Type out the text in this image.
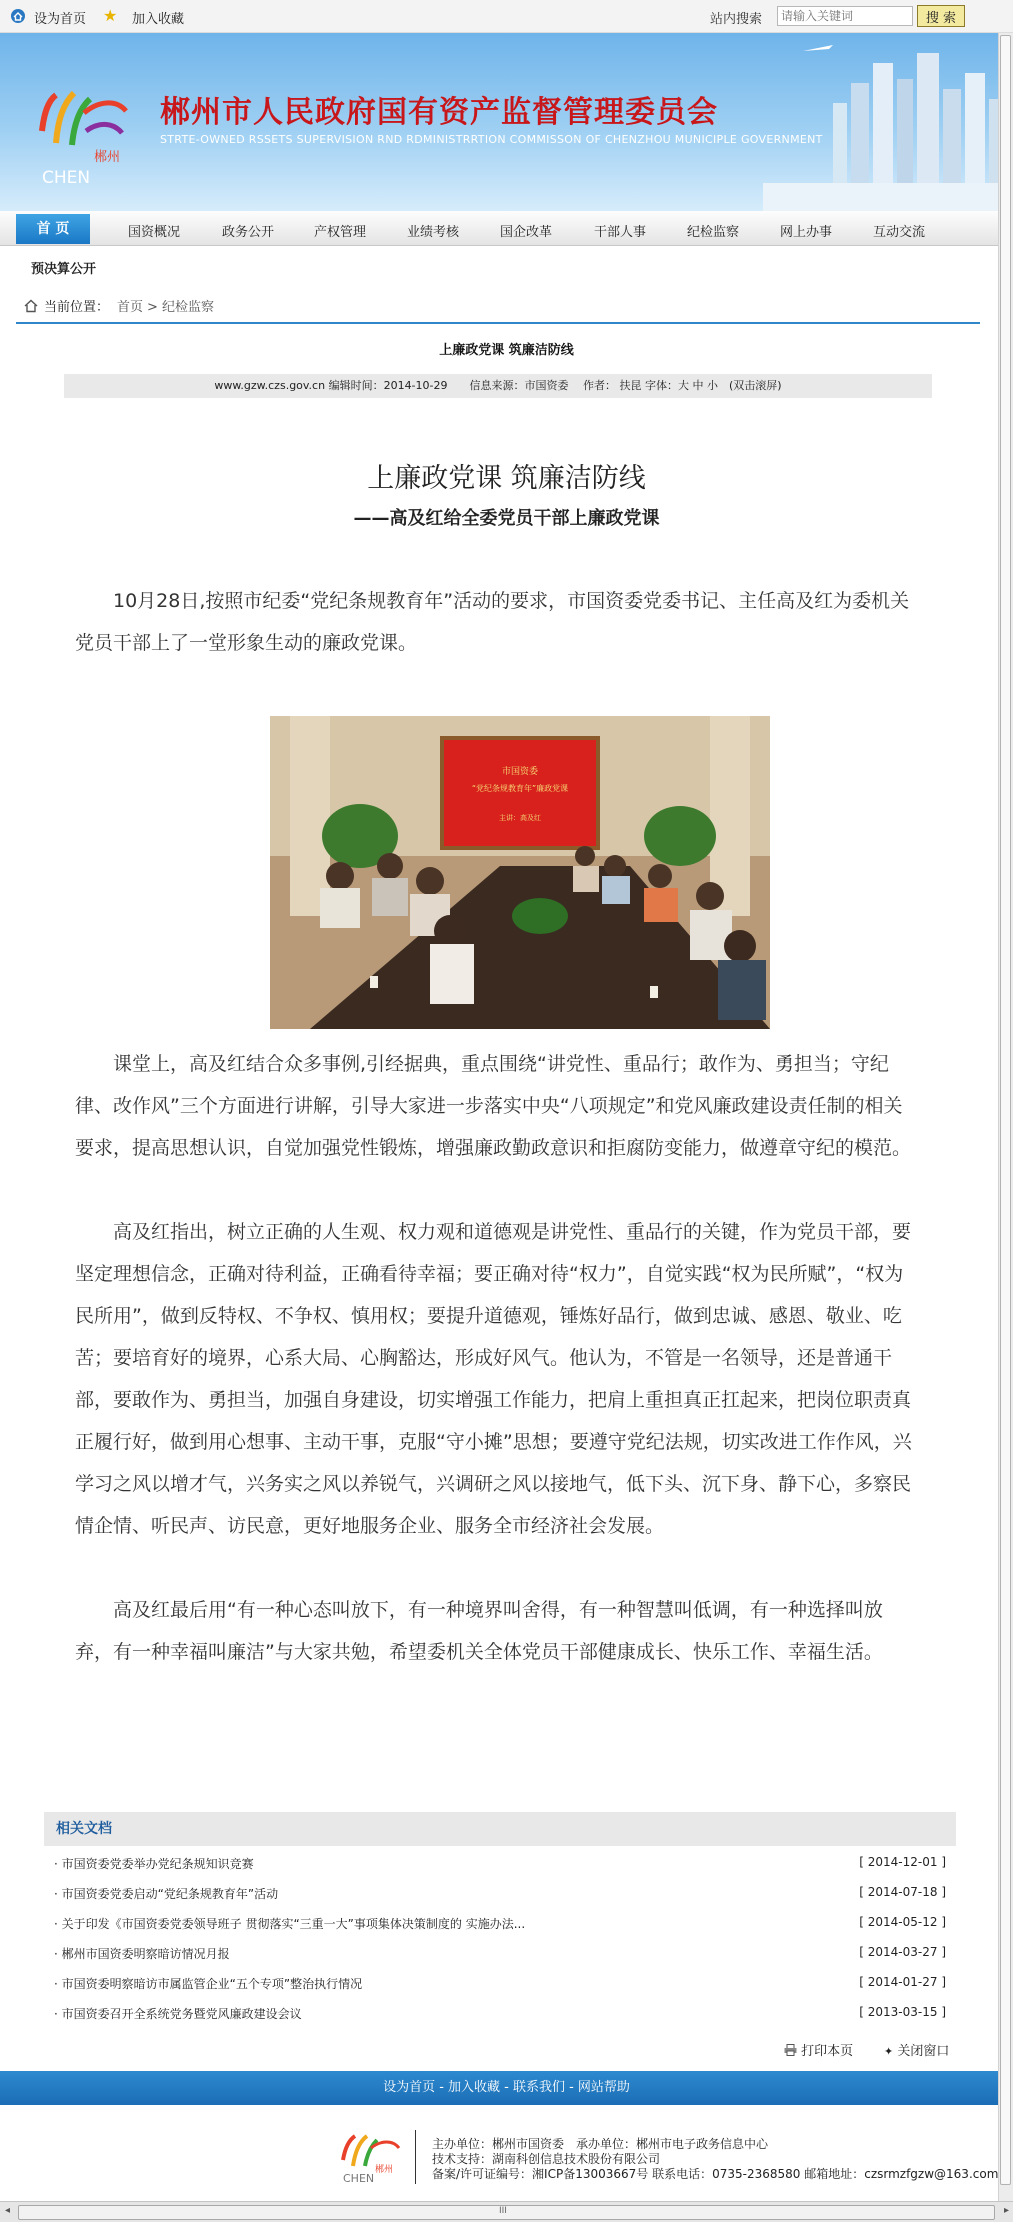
设为首页 ★ 加入收藏	站内搜索
请输入关键词	搜 索
郴州
CHEN
郴州市人民政府国有资产监督管理委员会
STRTE-OWNED RSSETS SUPERVISION RND RDMINISTRRTION COMMISSON OF CHENZHOU MUNICIPLE GOVERNMENT
首 页	国资概况	政务公开	产权管理	业绩考核	国企改革	干部人事	纪检监察	网上办事	互动交流
预决算公开
当前位置： 首页 > 纪检监察
上廉政党课 筑廉洁防线
www.gzw.czs.gov.cn 编辑时间：2014-10-29　　信息来源：市国资委　 作者： 扶昆 字体：大 中 小　(双击滚屏)
上廉政党课 筑廉洁防线
——高及红给全委党员干部上廉政党课

10月28日,按照市纪委“党纪条规教育年”活动的要求，市国资委党委书记、主任高及红为委机关党员干部上了一堂形象生动的廉政党课。

市国资委
“党纪条规教育年”廉政党课
主讲：高及红

课堂上，高及红结合众多事例,引经据典，重点围绕“讲党性、重品行；敢作为、勇担当；守纪律、改作风”三个方面进行讲解，引导大家进一步落实中央“八项规定”和党风廉政建设责任制的相关要求，提高思想认识，自觉加强党性锻炼，增强廉政勤政意识和拒腐防变能力，做遵章守纪的模范。

高及红指出，树立正确的人生观、权力观和道德观是讲党性、重品行的关键，作为党员干部，要坚定理想信念，正确对待利益，正确看待幸福；要正确对待“权力”，自觉实践“权为民所赋”，“权为民所用”，做到反特权、不争权、慎用权；要提升道德观，锤炼好品行，做到忠诚、感恩、敬业、吃苦；要培育好的境界，心系大局、心胸豁达，形成好风气。他认为，不管是一名领导，还是普通干部，要敢作为、勇担当，加强自身建设，切实增强工作能力，把肩上重担真正扛起来，把岗位职责真正履行好，做到用心想事、主动干事，克服“守小摊”思想；要遵守党纪法规，切实改进工作作风，兴学习之风以增才气，兴务实之风以养锐气，兴调研之风以接地气，低下头、沉下身、静下心，多察民情企情、听民声、访民意，更好地服务企业、服务全市经济社会发展。

高及红最后用“有一种心态叫放下，有一种境界叫舍得，有一种智慧叫低调，有一种选择叫放弃，有一种幸福叫廉洁”与大家共勉，希望委机关全体党员干部健康成长、快乐工作、幸福生活。

相关文档
· 市国资委党委举办党纪条规知识竞赛	[ 2014-12-01 ]
· 市国资委党委启动“党纪条规教育年”活动	[ 2014-07-18 ]
· 关于印发《市国资委党委领导班子 贯彻落实“三重一大”事项集体决策制度的 实施办法...	[ 2014-05-12 ]
· 郴州市国资委明察暗访情况月报	[ 2014-03-27 ]
· 市国资委明察暗访市属监管企业“五个专项”整治执行情况	[ 2014-01-27 ]
· 市国资委召开全系统党务暨党风廉政建设会议	[ 2013-03-15 ]
打印本页	✦ 关闭窗口
设为首页 - 加入收藏 - 联系我们 - 网站帮助
郴州
CHEN
主办单位：郴州市国资委　承办单位：郴州市电子政务信息中心
技术支持：湖南科创信息技术股份有限公司
备案/许可证编号：湘ICP备13003667号 联系电话：0735-2368580 邮箱地址：czsrmzfgzw@163.com
◂	III	▸
